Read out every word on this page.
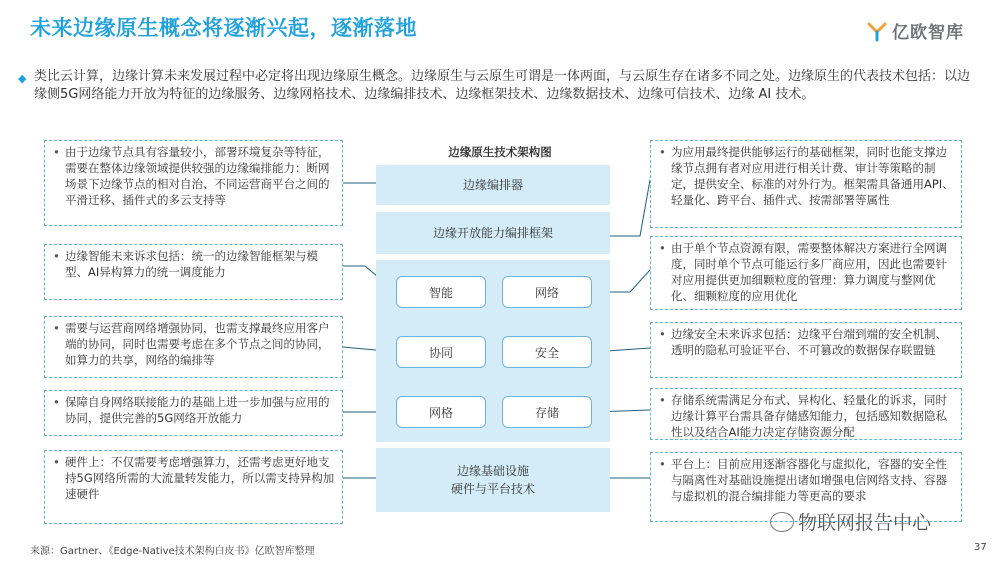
未来边缘原生概念将逐渐兴起，逐渐落地	亿欧智库
◆ 类比云计算，边缘计算未来发展过程中必定将出现边缘原生概念。边缘原生与云原生可谓是一体两面，与云原生存在诸多不同之处。边缘原生的代表技术包括：以边缘侧5G网络能力开放为特征的边缘服务、边缘网格技术、边缘编排技术、边缘框架技术、边缘数据技术、边缘可信技术、边缘 AI 技术。
• 由于边缘节点具有容量较小，部署环境复杂等特征，需要在整体边缘领域提供较强的边缘编排能力：断网场景下边缘节点的相对自治、不同运营商平台之间的平滑迁移、插件式的多云支持等
• 边缘智能未来诉求包括：统一的边缘智能框架与模型、AI异构算力的统一调度能力
• 需要与运营商网络增强协同，也需支撑最终应用客户端的协同，同时也需要考虑在多个节点之间的协同，如算力的共享，网络的编排等
• 保障自身网络联接能力的基础上进一步加强与应用的协同，提供完善的5G网络开放能力
• 硬件上：不仅需要考虑增强算力，还需考虑更好地支持5G网络所需的大流量转发能力，所以需支持异构加速硬件
边缘原生技术架构图
边缘编排器
边缘开放能力编排框架
智能	网络
协同	安全
网格	存储
边缘基础设施
硬件与平台技术
• 为应用最终提供能够运行的基础框架，同时也能支撑边缘节点拥有者对应用进行相关计费、审计等策略的制定，提供安全、标准的对外行为。框架需具备通用API、轻量化、跨平台、插件式、按需部署等属性
• 由于单个节点资源有限，需要整体解决方案进行全网调度，同时单个节点可能运行多厂商应用，因此也需要针对应用提供更加细颗粒度的管理：算力调度与整网优化、细颗粒度的应用优化
• 边缘安全未来诉求包括：边缘平台端到端的安全机制、透明的隐私可验证平台、不可篡改的数据保存联盟链
• 存储系统需满足分布式、异构化、轻量化的诉求，同时边缘计算平台需具备存储感知能力，包括感知数据隐私性以及结合AI能力决定存储资源分配
• 平台上：目前应用逐渐容器化与虚拟化，容器的安全性与隔离性对基础设施提出诸如增强电信网络支持、容器与虚拟机的混合编排能力等更高的要求
物联网报告中心
来源：Gartner、《Edge-Native技术架构白皮书》亿欧智库整理	37
